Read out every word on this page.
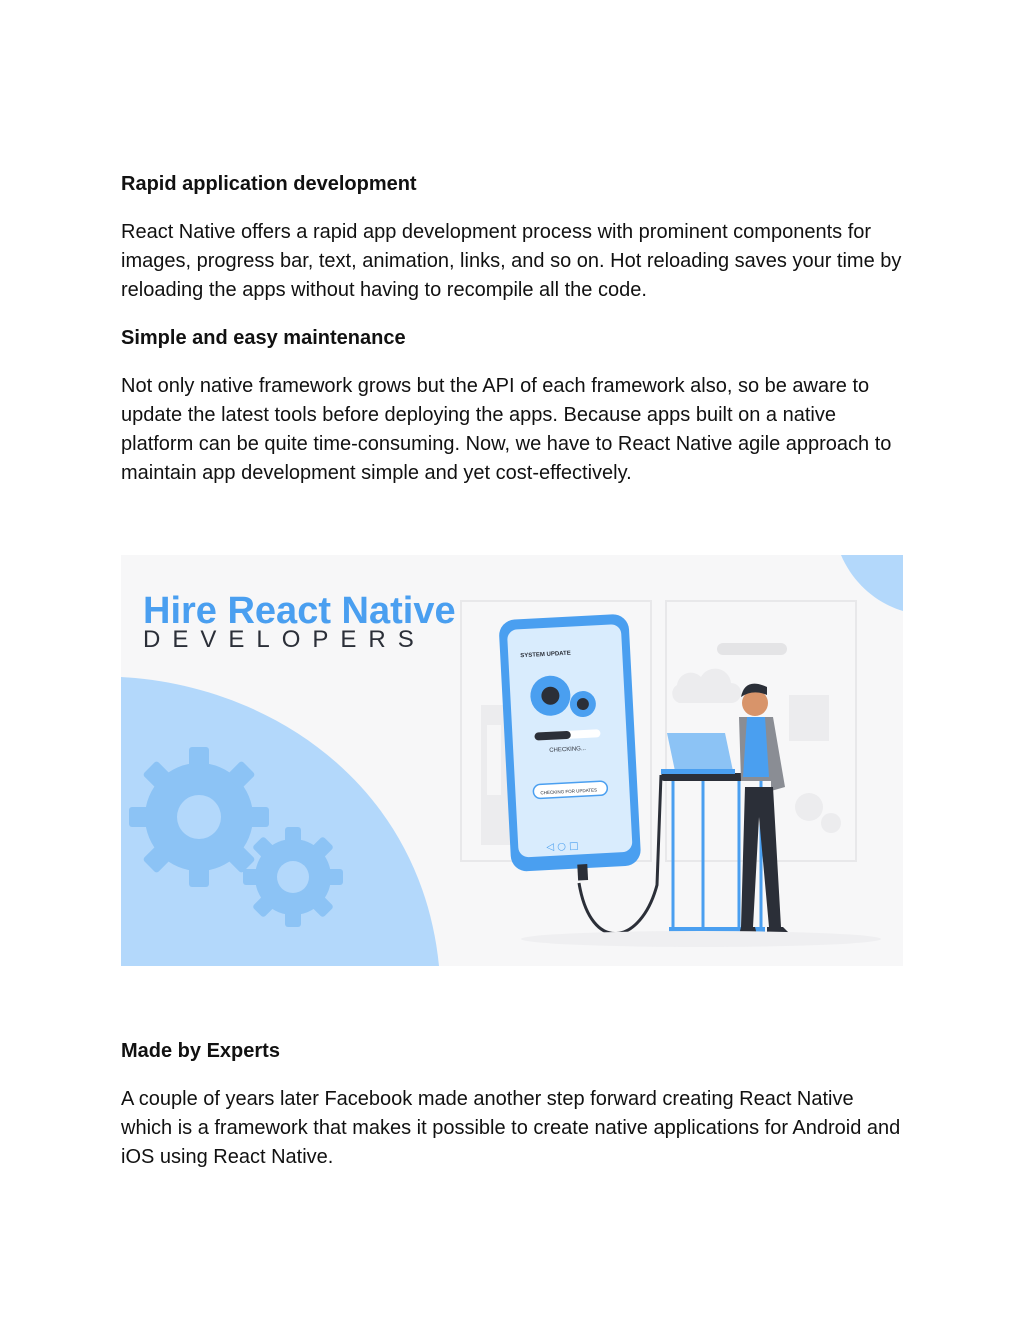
Rapid application development

React Native offers a rapid app development process with prominent components for images, progress bar, text, animation, links, and so on. Hot reloading saves your time by reloading the apps without having to recompile all the code.

Simple and easy maintenance

Not only native framework grows but the API of each framework also, so be aware to update the latest tools before deploying the apps. Because apps built on a native platform can be quite time-consuming. Now, we have to React Native agile approach to maintain app development simple and yet cost-effectively.

Made by Experts

A couple of years later Facebook made another step forward creating React Native which is a framework that makes it possible to create native applications for Android and iOS using React Native.

Hire React Native
DEVELOPERS
SYSTEM UPDATE
CHECKING...
CHECKING FOR UPDATES
◁ ○ □
